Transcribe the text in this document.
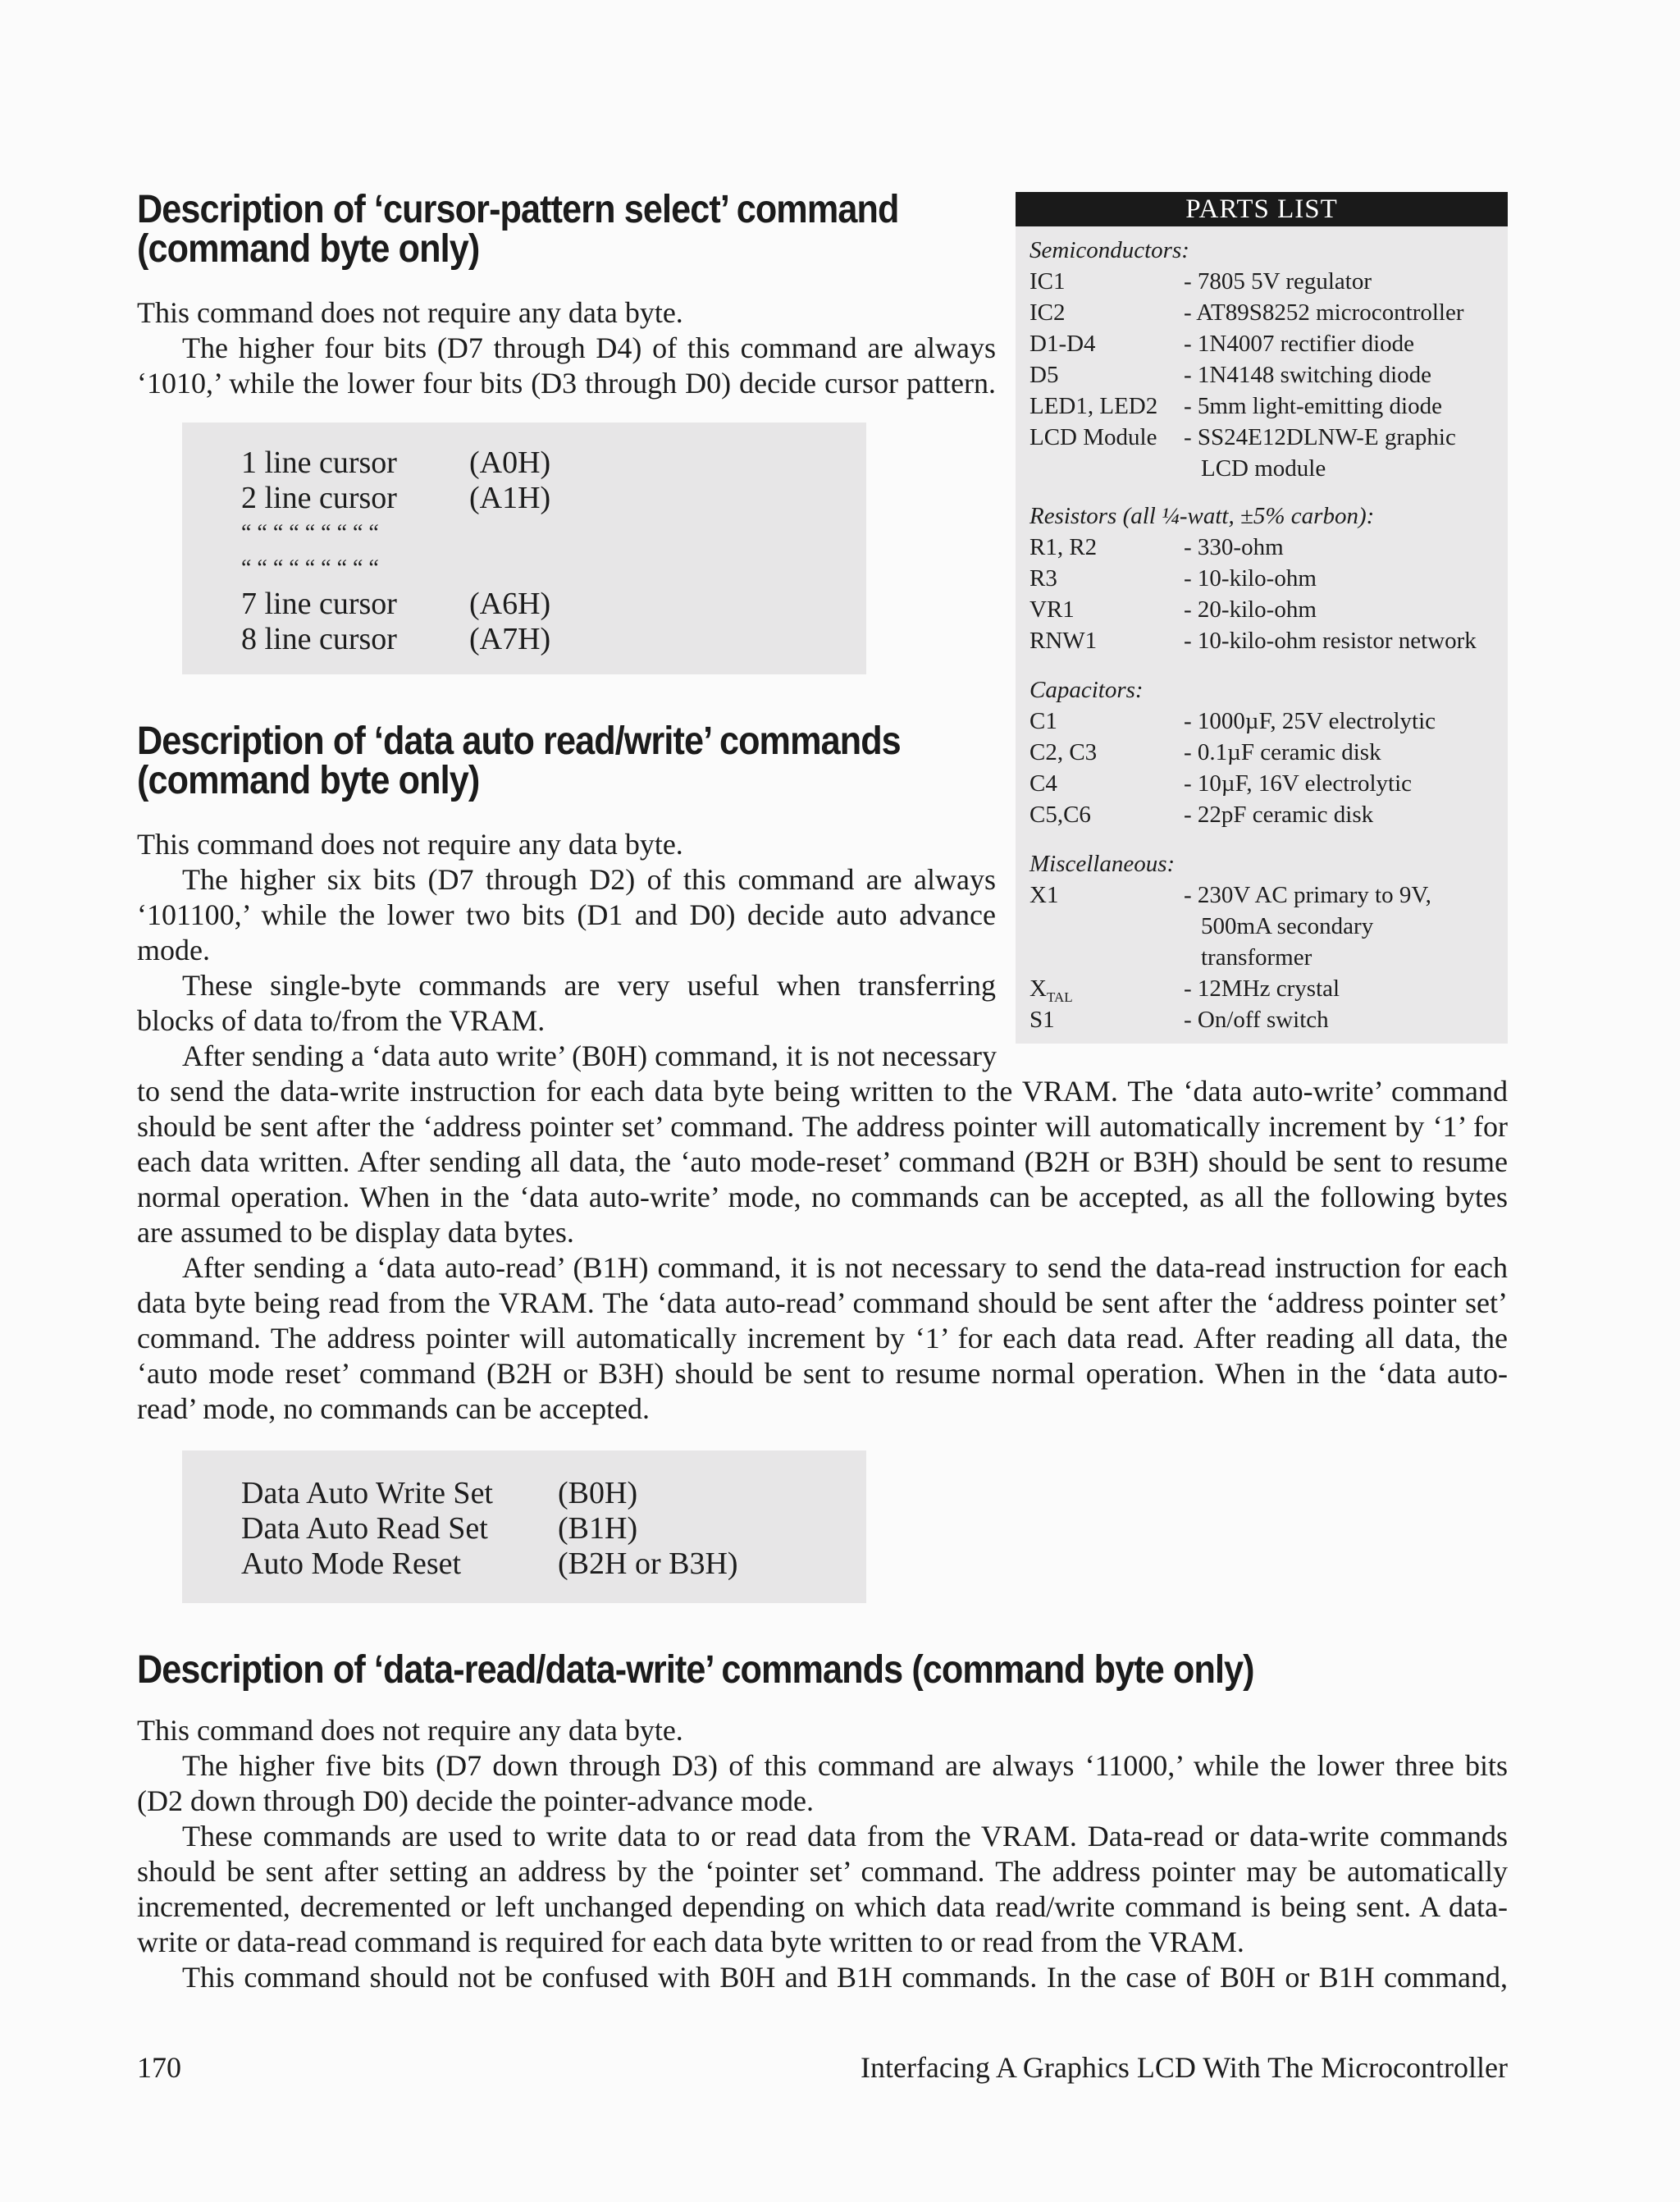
Description of ‘cursor-pattern select’ command
(command byte only)
This command does not require any data byte.
The higher four bits (D7 through D4) of this command are always
‘1010,’ while the lower four bits (D3 through D0) decide cursor pattern.
1 line cursor (A0H)
2 line cursor (A1H)
“ “ “ “ “ “ “ “ “
“ “ “ “ “ “ “ “ “
7 line cursor (A6H)
8 line cursor (A7H)
Description of ‘data auto read/write’ commands
(command byte only)
This command does not require any data byte.
The higher six bits (D7 through D2) of this command are always
‘101100,’ while the lower two bits (D1 and D0) decide auto advance
mode.
These single-byte commands are very useful when transferring
blocks of data to/from the VRAM.
After sending a ‘data auto write’ (B0H) command, it is not necessary
to send the data-write instruction for each data byte being written to the VRAM. The ‘data auto-write’ command
should be sent after the ‘address pointer set’ command. The address pointer will automatically increment by ‘1’ for
each data written. After sending all data, the ‘auto mode-reset’ command (B2H or B3H) should be sent to resume
normal operation. When in the ‘data auto-write’ mode, no commands can be accepted, as all the following bytes
are assumed to be display data bytes.
After sending a ‘data auto-read’ (B1H) command, it is not necessary to send the data-read instruction for each
data byte being read from the VRAM. The ‘data auto-read’ command should be sent after the ‘address pointer set’
command. The address pointer will automatically increment by ‘1’ for each data read. After reading all data, the
‘auto mode reset’ command (B2H or B3H) should be sent to resume normal operation. When in the ‘data auto-
read’ mode, no commands can be accepted.
Data Auto Write Set (B0H)
Data Auto Read Set (B1H)
Auto Mode Reset	(B2H or B3H)
Description of ‘data-read/data-write’ commands (command byte only)
This command does not require any data byte.
The higher five bits (D7 down through D3) of this command are always ‘11000,’ while the lower three bits
(D2 down through D0) decide the pointer-advance mode.
These commands are used to write data to or read data from the VRAM. Data-read or data-write commands
should be sent after setting an address by the ‘pointer set’ command. The address pointer may be automatically
incremented, decremented or left unchanged depending on which data read/write command is being sent. A data-
write or data-read command is required for each data byte written to or read from the VRAM.
This command should not be confused with B0H and B1H commands. In the case of B0H or B1H command,
PARTS LIST
Semiconductors:
IC1	- 7805 5V regulator
IC2	- AT89S8252 microcontroller
D1-D4	- 1N4007 rectifier diode
D5	- 1N4148 switching diode
LED1, LED2 - 5mm light-emitting diode
LCD Module - SS24E12DLNW-E graphic
LCD module
Resistors (all ¼-watt, ±5% carbon):
R1, R2	- 330-ohm
R3	- 10-kilo-ohm
VR1	- 20-kilo-ohm
RNW1	- 10-kilo-ohm resistor network
Capacitors:
C1	- 1000µF, 25V electrolytic
C2, C3	- 0.1µF ceramic disk
C4	- 10µF, 16V electrolytic
C5,C6	- 22pF ceramic disk
Miscellaneous:
X1	- 230V AC primary to 9V,
500mA secondary
transformer
$X_{TAL}$	- 12MHz crystal
S1	- On/off switch
170	Interfacing A Graphics LCD With The Microcontroller
